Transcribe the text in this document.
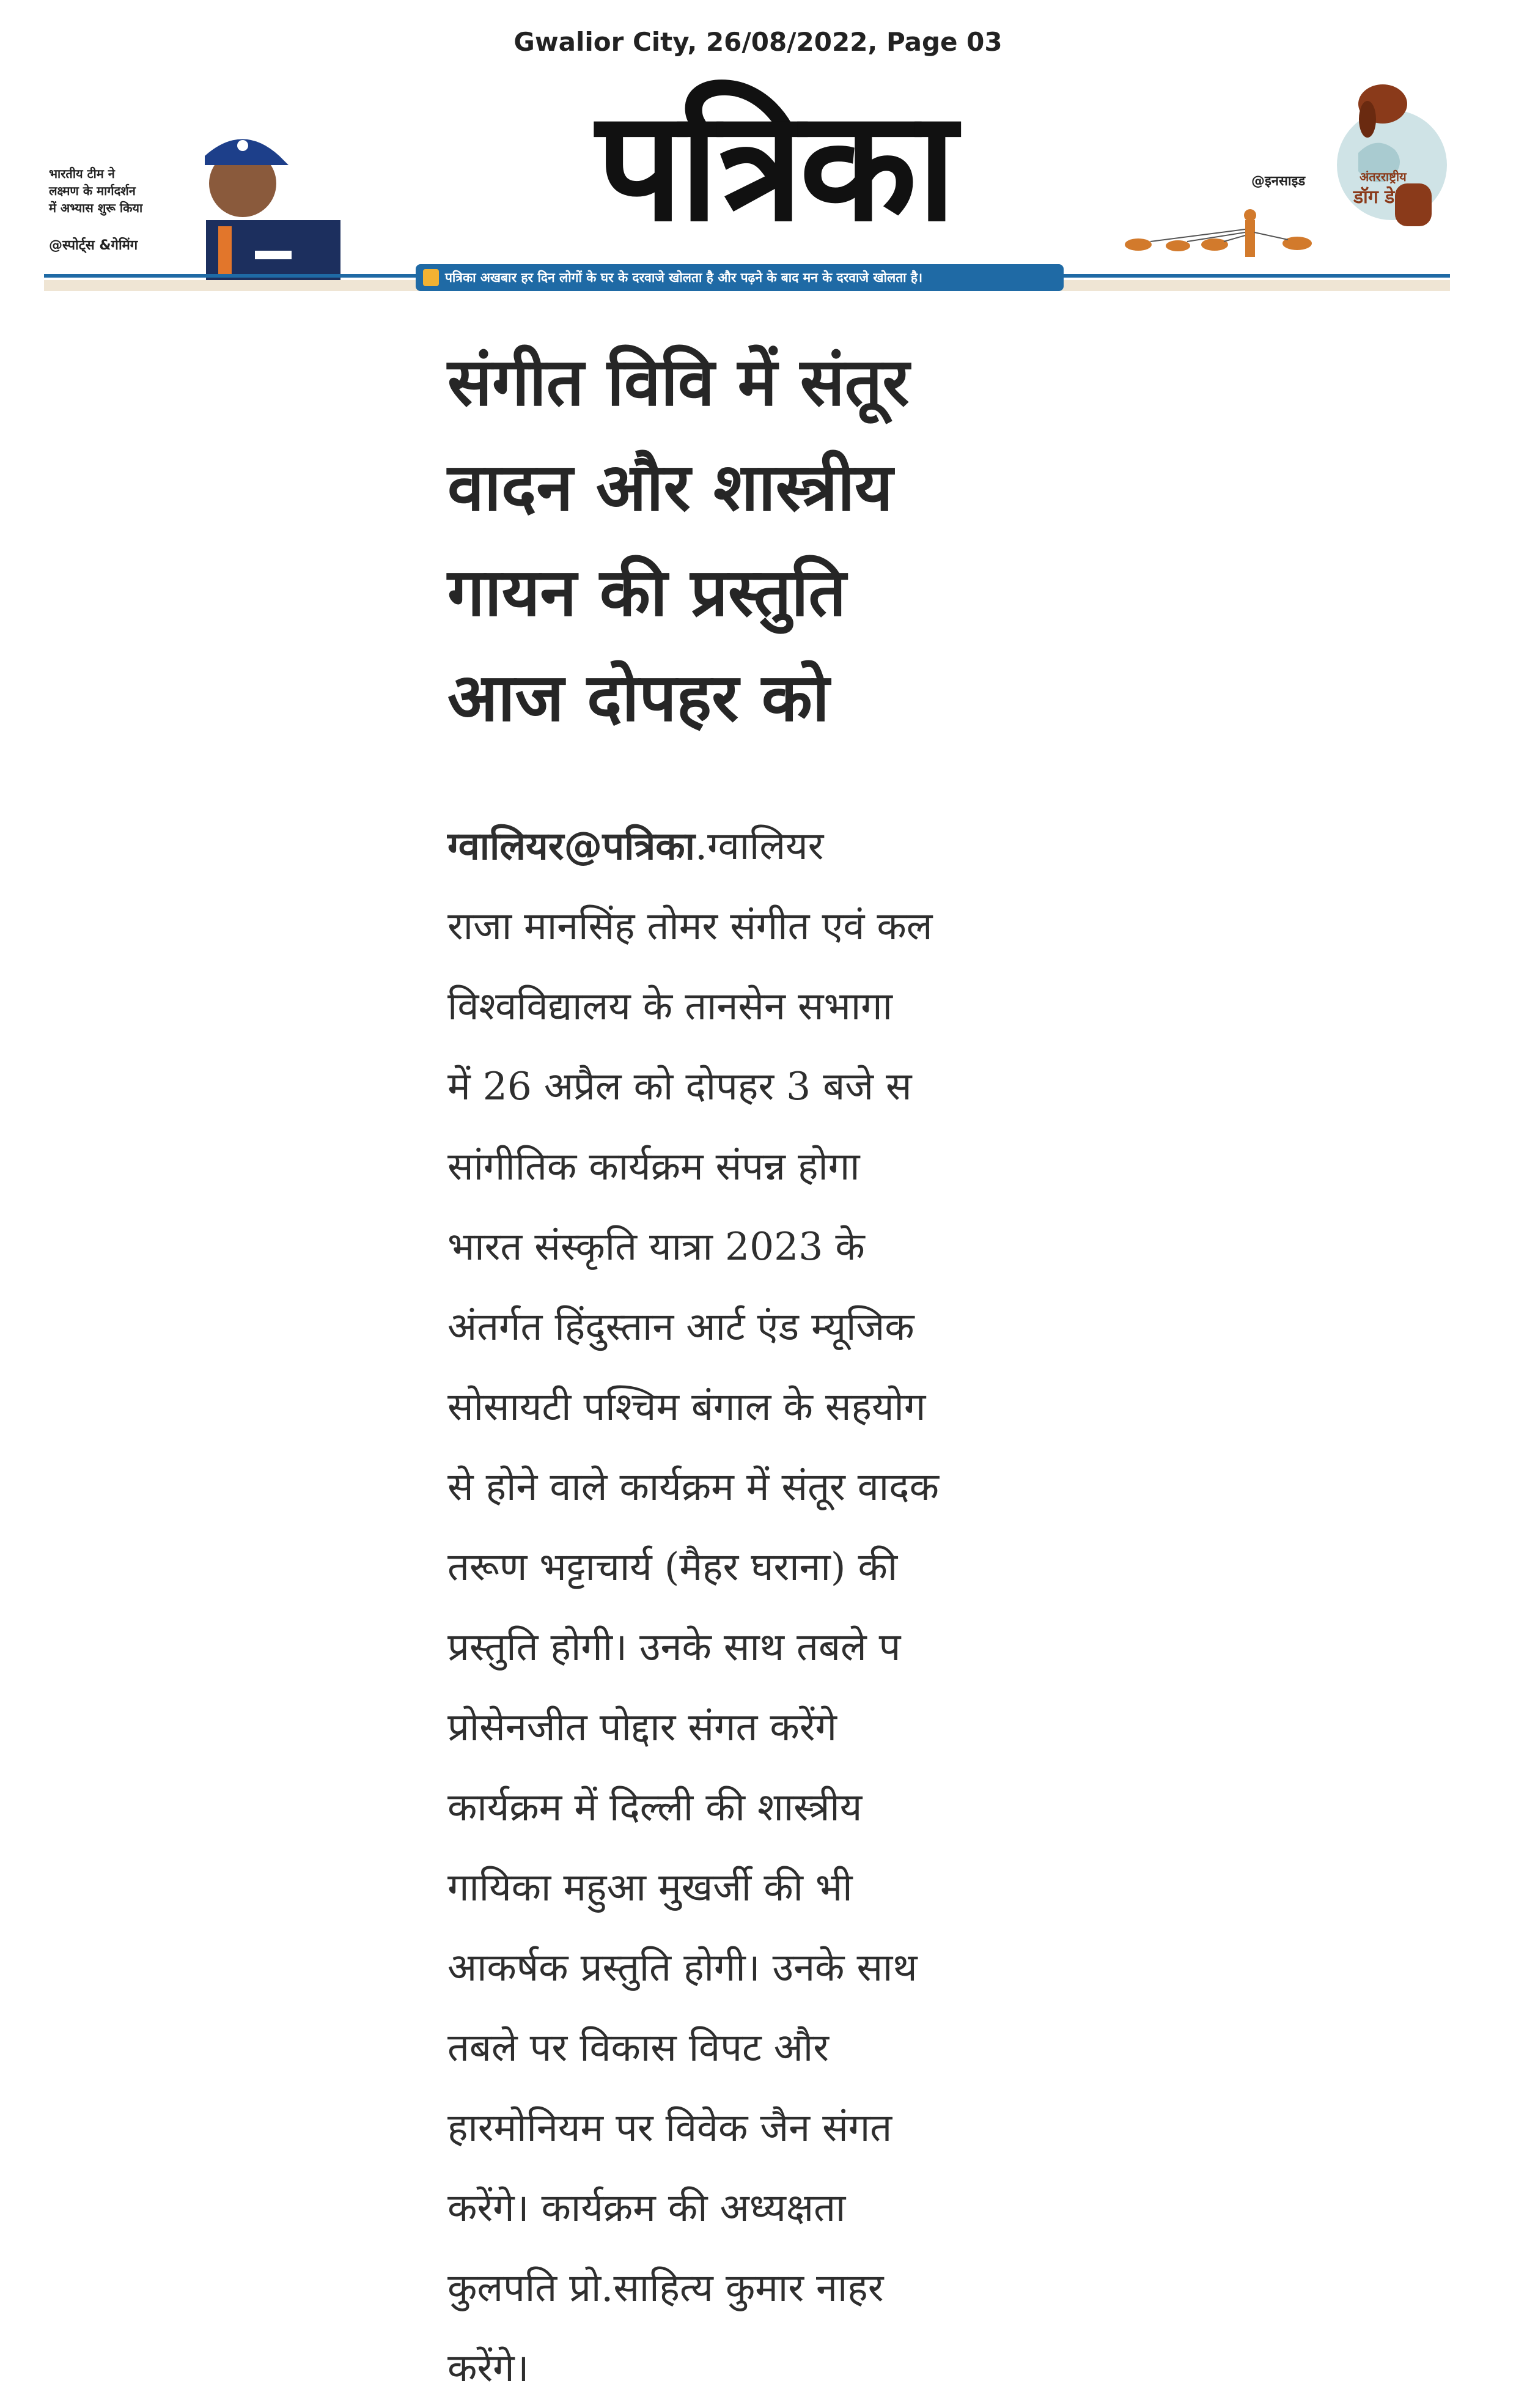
Gwalior City, 26/08/2022, Page 03
भारतीय टीम ने
लक्ष्मण के मार्गदर्शन
में अभ्यास शुरू किया
@स्पोर्ट्स &गेमिंग	पत्रिका	@इनसाइड	अंतरराष्ट्रीय
डॉग डे
पत्रिका अखबार हर दिन लोगों के घर के दरवाजे खोलता है और पढ़ने के बाद मन के दरवाजे खोलता है।
संगीत विवि में संतूर
वादन और शास्त्रीय
गायन की प्रस्तुति
आज दोपहर को
ग्वालियर@पत्रिका.ग्वालियर
राजा मानसिंह तोमर संगीत एवं कल
विश्वविद्यालय के तानसेन सभागा
में 26 अप्रैल को दोपहर 3 बजे स
सांगीतिक कार्यक्रम संपन्न होगा
भारत संस्कृति यात्रा 2023 के
अंतर्गत हिंदुस्तान आर्ट एंड म्यूजिक
सोसायटी पश्चिम बंगाल के सहयोग
से होने वाले कार्यक्रम में संतूर वादक
तरूण भट्टाचार्य (मैहर घराना) की
प्रस्तुति होगी। उनके साथ तबले प
प्रोसेनजीत पोद्दार संगत करेंगे
कार्यक्रम में दिल्ली की शास्त्रीय
गायिका महुआ मुखर्जी की भी
आकर्षक प्रस्तुति होगी। उनके साथ
तबले पर विकास विपट और
हारमोनियम पर विवेक जैन संगत
करेंगे। कार्यक्रम की अध्यक्षता
कुलपति प्रो.साहित्य कुमार नाहर
करेंगे।
